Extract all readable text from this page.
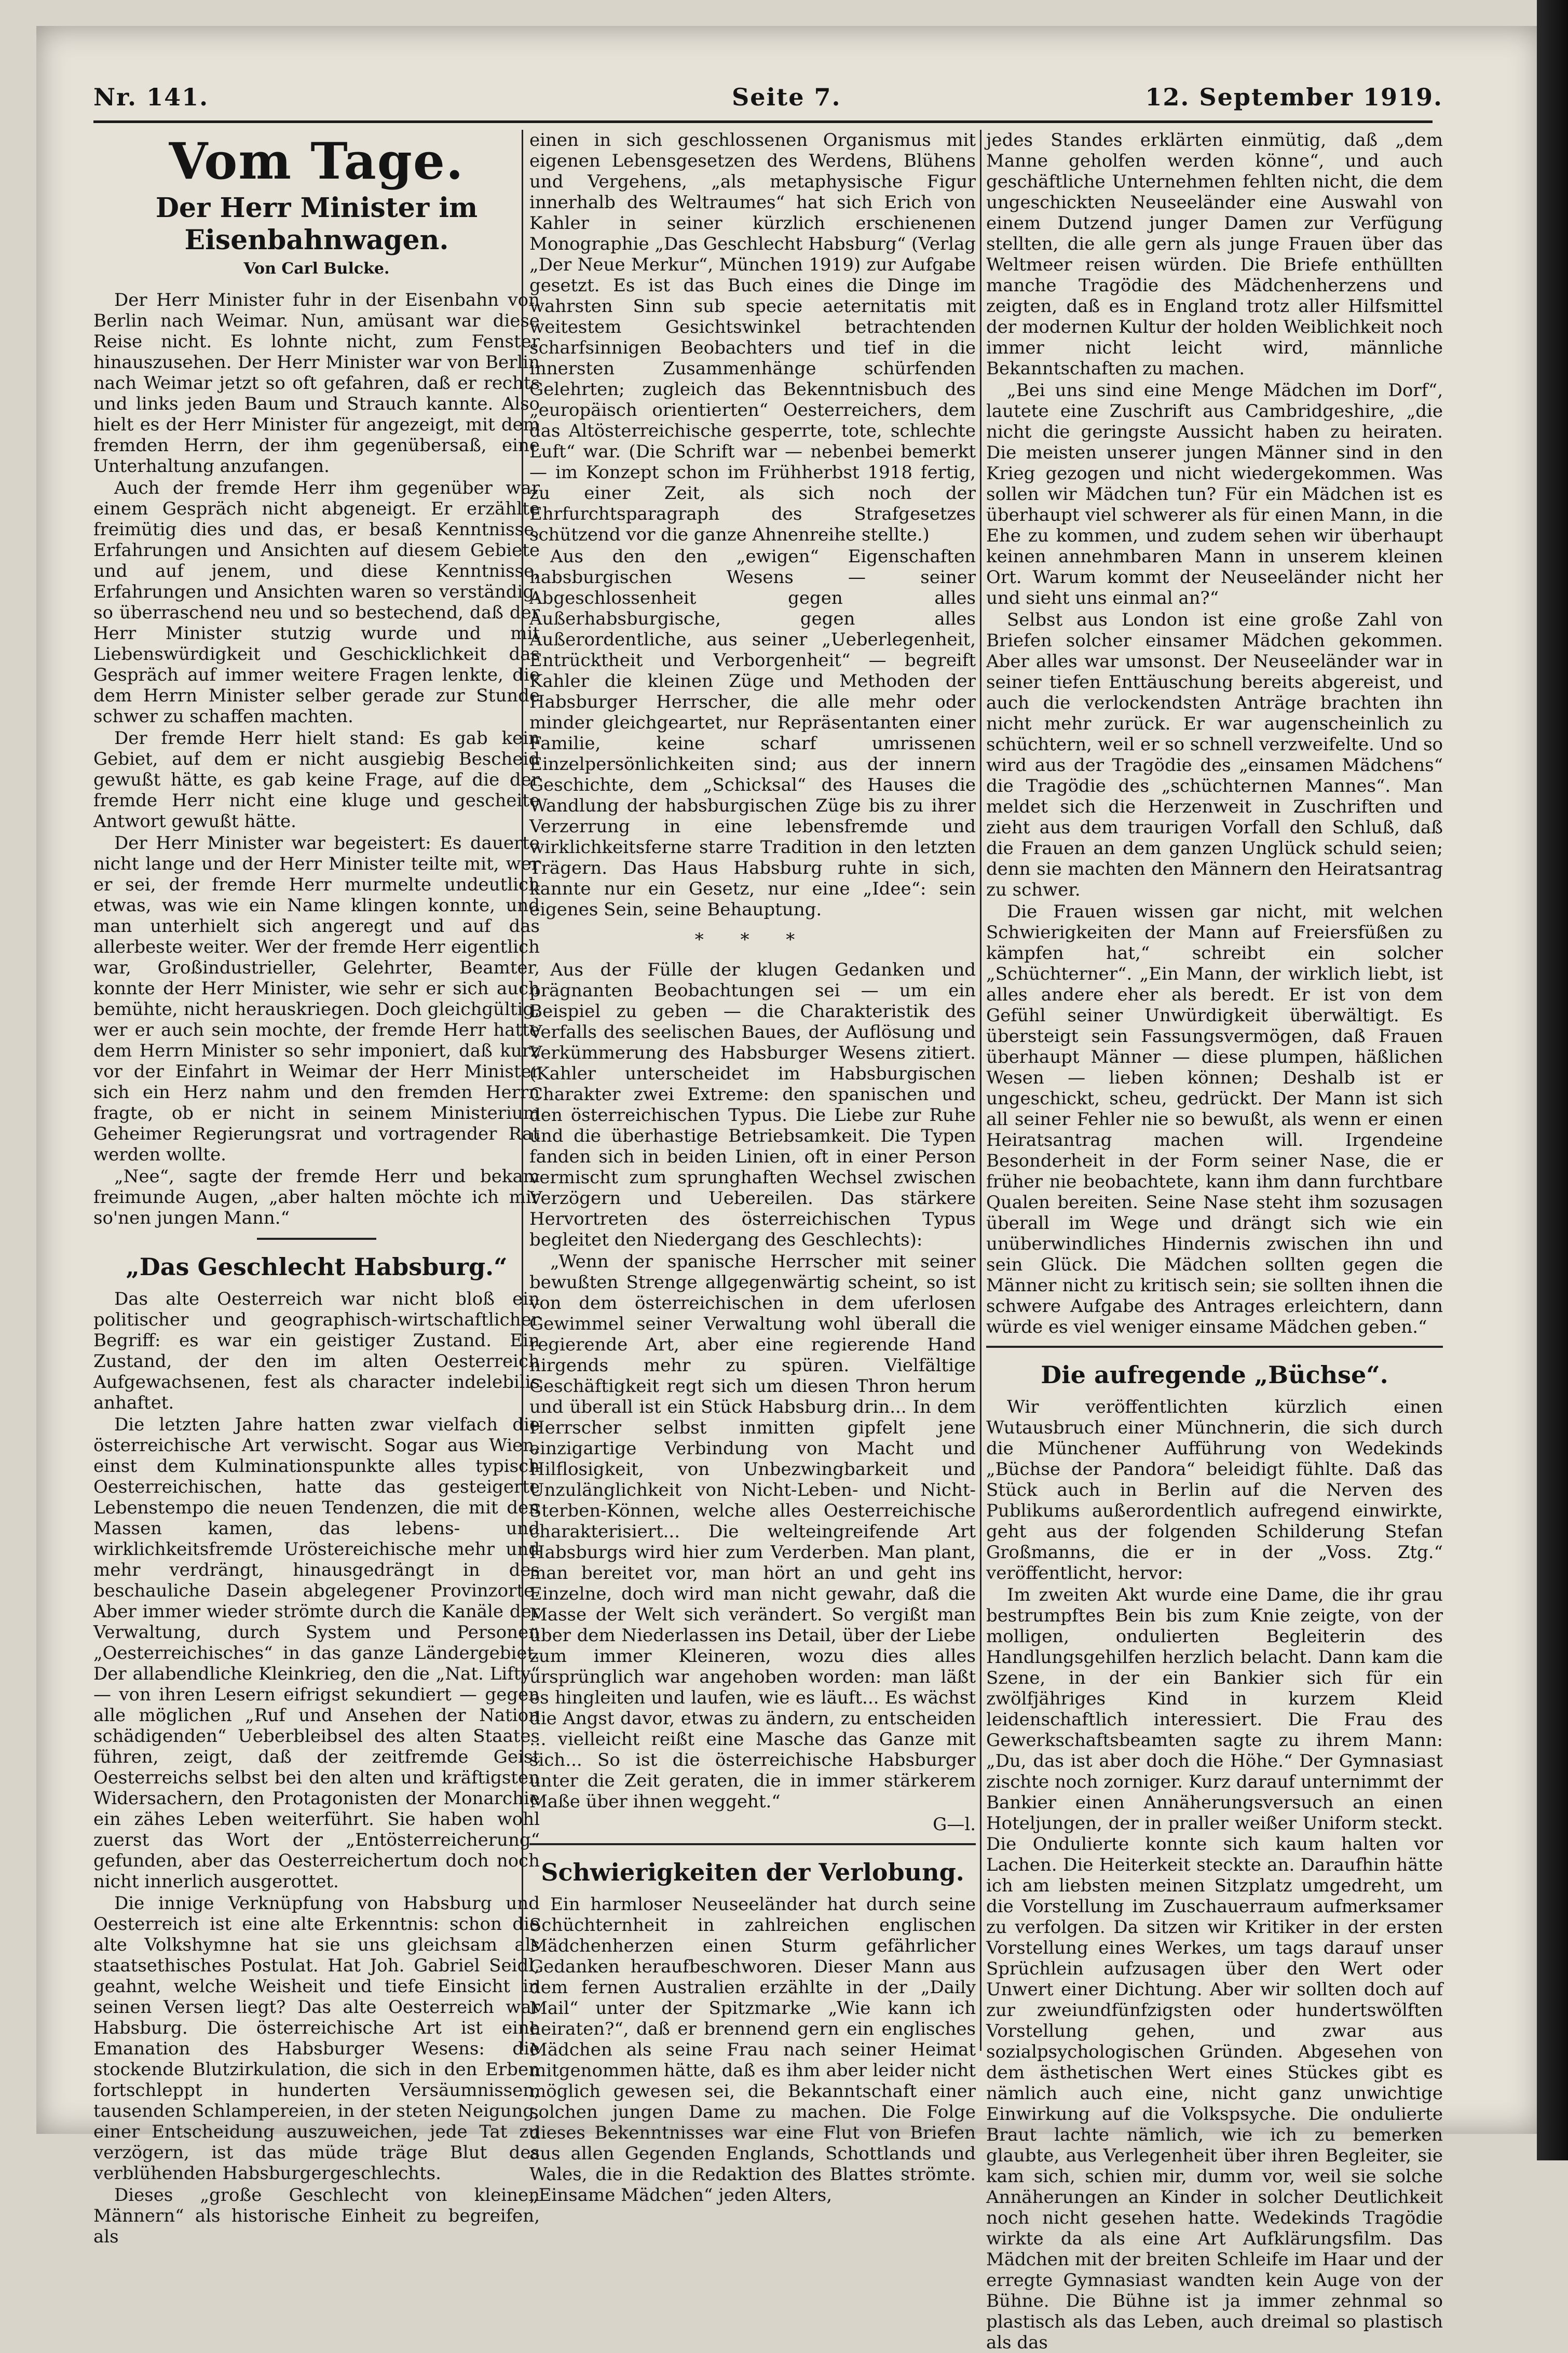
Nr. 141.	Seite 7.	12. September 1919.
Vom Tage.
Der Herr Minister im Eisenbahnwagen.
Von Carl Bulcke.

Der Herr Minister fuhr in der Eisenbahn von Berlin nach Weimar. Nun, amüsant war diese Reise nicht. Es lohnte nicht, zum Fenster hinauszusehen. Der Herr Minister war von Berlin nach Weimar jetzt so oft gefahren, daß er rechts und links jeden Baum und Strauch kannte. Also hielt es der Herr Minister für angezeigt, mit dem fremden Herrn, der ihm gegenübersaß, eine Unterhaltung anzufangen.

Auch der fremde Herr ihm gegenüber war einem Gespräch nicht abgeneigt. Er erzählte freimütig dies und das, er besaß Kenntnisse, Erfahrungen und Ansichten auf diesem Gebiete und auf jenem, und diese Kenntnisse, Erfahrungen und Ansichten waren so verständig, so überraschend neu und so bestechend, daß der Herr Minister stutzig wurde und mit Liebenswürdigkeit und Geschicklichkeit das Gespräch auf immer weitere Fragen lenkte, die dem Herrn Minister selber gerade zur Stunde schwer zu schaffen machten.

Der fremde Herr hielt stand: Es gab kein Gebiet, auf dem er nicht ausgiebig Bescheid gewußt hätte, es gab keine Frage, auf die der fremde Herr nicht eine kluge und gescheite Antwort gewußt hätte.

Der Herr Minister war begeistert: Es dauerte nicht lange und der Herr Minister teilte mit, wer er sei, der fremde Herr murmelte undeutlich etwas, was wie ein Name klingen konnte, und man unterhielt sich angeregt und auf das allerbeste weiter. Wer der fremde Herr eigentlich war, Großindustrieller, Gelehrter, Beamter, konnte der Herr Minister, wie sehr er sich auch bemühte, nicht herauskriegen. Doch gleichgültig, wer er auch sein mochte, der fremde Herr hatte dem Herrn Minister so sehr imponiert, daß kurz vor der Einfahrt in Weimar der Herr Minister sich ein Herz nahm und den fremden Herrn fragte, ob er nicht in seinem Ministerium Geheimer Regierungsrat und vortragender Rat werden wollte.

„Nee“, sagte der fremde Herr und bekam freimunde Augen, „aber halten möchte ich mir so'nen jungen Mann.“

„Das Geschlecht Habsburg.“

Das alte Oesterreich war nicht bloß ein politischer und geographisch-wirtschaftlicher Begriff: es war ein geistiger Zustand. Ein Zustand, der den im alten Oesterreich Aufgewachsenen, fest als character indelebilis anhaftet.

Die letzten Jahre hatten zwar vielfach die österreichische Art verwischt. Sogar aus Wien, einst dem Kulminationspunkte alles typisch Oesterreichischen, hatte das gesteigerte Lebenstempo die neuen Tendenzen, die mit den Massen kamen, das lebens- und wirklichkeitsfremde Uröstereichische mehr und mehr verdrängt, hinausgedrängt in des beschauliche Dasein abgelegener Provinzorte. Aber immer wieder strömte durch die Kanäle der Verwaltung, durch System und Personen „Oesterreichisches“ in das ganze Ländergebiet. Der allabendliche Kleinkrieg, den die „Nat. Lifty“ — von ihren Lesern eifrigst sekundiert — gegen alle möglichen „Ruf und Ansehen der Nation schädigenden“ Ueberbleibsel des alten Staates führen, zeigt, daß der zeitfremde Geist Oesterreichs selbst bei den alten und kräftigsten Widersachern, den Protagonisten der Monarchie ein zähes Leben weiterführt. Sie haben wohl zuerst das Wort der „Entösterreicherung“ gefunden, aber das Oesterreichertum doch noch nicht innerlich ausgerottet.

Die innige Verknüpfung von Habsburg und Oesterreich ist eine alte Erkenntnis: schon die alte Volkshymne hat sie uns gleichsam als staatsethisches Postulat. Hat Joh. Gabriel Seidl, geahnt, welche Weisheit und tiefe Einsicht in seinen Versen liegt? Das alte Oesterreich war Habsburg. Die österreichische Art ist eine Emanation des Habsburger Wesens: die stockende Blutzirkulation, die sich in den Erben fortschleppt in hunderten Versäumnissen, tausenden Schlampereien, in der steten Neigung, einer Entscheidung auszuweichen, jede Tat zu verzögern, ist das müde träge Blut des verblühenden Habsburgergeschlechts.

Dieses „große Geschlecht von kleinen Männern“ als historische Einheit zu begreifen, als

einen in sich geschlossenen Organismus mit eigenen Lebensgesetzen des Werdens, Blühens und Vergehens, „als metaphysische Figur innerhalb des Weltraumes“ hat sich Erich von Kahler in seiner kürzlich erschienenen Monographie „Das Geschlecht Habsburg“ (Verlag „Der Neue Merkur“, München 1919) zur Aufgabe gesetzt. Es ist das Buch eines die Dinge im wahrsten Sinn sub specie aeternitatis mit weitestem Gesichtswinkel betrachtenden scharfsinnigen Beobachters und tief in die innersten Zusammenhänge schürfenden Gelehrten; zugleich das Bekenntnisbuch des „europäisch orientierten“ Oesterreichers, dem das Altösterreichische gesperrte, tote, schlechte Luft“ war. (Die Schrift war — nebenbei bemerkt — im Konzept schon im Frühherbst 1918 fertig, zu einer Zeit, als sich noch der Ehrfurchtsparagraph des Strafgesetzes schützend vor die ganze Ahnenreihe stellte.)

Aus den den „ewigen“ Eigenschaften habsburgischen Wesens — seiner Abgeschlossenheit gegen alles Außerhabsburgische, gegen alles Außerordentliche, aus seiner „Ueberlegenheit, Entrücktheit und Verborgenheit“ — begreift Kahler die kleinen Züge und Methoden der Habsburger Herrscher, die alle mehr oder minder gleichgeartet, nur Repräsentanten einer Familie, keine scharf umrissenen Einzelpersönlichkeiten sind; aus der innern Geschichte, dem „Schicksal“ des Hauses die Wandlung der habsburgischen Züge bis zu ihrer Verzerrung in eine lebensfremde und wirklichkeitsferne starre Tradition in den letzten Trägern. Das Haus Habsburg ruhte in sich, kannte nur ein Gesetz, nur eine „Idee“: sein eigenes Sein, seine Behauptung.

* * *

Aus der Fülle der klugen Gedanken und prägnanten Beobachtungen sei — um ein Beispiel zu geben — die Charakteristik des Verfalls des seelischen Baues, der Auflösung und Verkümmerung des Habsburger Wesens zitiert. (Kahler unterscheidet im Habsburgischen Charakter zwei Extreme: den spanischen und den österreichischen Typus. Die Liebe zur Ruhe und die überhastige Betriebsamkeit. Die Typen fanden sich in beiden Linien, oft in einer Person vermischt zum sprunghaften Wechsel zwischen Verzögern und Uebereilen. Das stärkere Hervortreten des österreichischen Typus begleitet den Niedergang des Geschlechts):

„Wenn der spanische Herrscher mit seiner bewußten Strenge allgegenwärtig scheint, so ist von dem österreichischen in dem uferlosen Gewimmel seiner Verwaltung wohl überall die regierende Art, aber eine regierende Hand nirgends mehr zu spüren. Vielfältige Geschäftigkeit regt sich um diesen Thron herum und überall ist ein Stück Habsburg drin... In dem Herrscher selbst inmitten gipfelt jene einzigartige Verbindung von Macht und Hilflosigkeit, von Unbezwingbarkeit und Unzulänglichkeit von Nicht-Leben- und Nicht-Sterben-Können, welche alles Oesterreichische charakterisiert... Die welteingreifende Art Habsburgs wird hier zum Verderben. Man plant, man bereitet vor, man hört an und geht ins Einzelne, doch wird man nicht gewahr, daß die Masse der Welt sich verändert. So vergißt man über dem Niederlassen ins Detail, über der Liebe zum immer Kleineren, wozu dies alles ursprünglich war angehoben worden: man läßt es hingleiten und laufen, wie es läuft... Es wächst die Angst davor, etwas zu ändern, zu entscheiden ... vielleicht reißt eine Masche das Ganze mit sich... So ist die österreichische Habsburger unter die Zeit geraten, die in immer stärkerem Maße über ihnen weggeht.“

G—l.
Schwierigkeiten der Verlobung.

Ein harmloser Neuseeländer hat durch seine Schüchternheit in zahlreichen englischen Mädchenherzen einen Sturm gefährlicher Gedanken heraufbeschworen. Dieser Mann aus dem fernen Australien erzählte in der „Daily Mail“ unter der Spitzmarke „Wie kann ich heiraten?“, daß er brennend gern ein englisches Mädchen als seine Frau nach seiner Heimat mitgenommen hätte, daß es ihm aber leider nicht möglich gewesen sei, die Bekanntschaft einer solchen jungen Dame zu machen. Die Folge dieses Bekenntnisses war eine Flut von Briefen aus allen Gegenden Englands, Schottlands und Wales, die in die Redaktion des Blattes strömte. „Einsame Mädchen“ jeden Alters,

jedes Standes erklärten einmütig, daß „dem Manne geholfen werden könne“, und auch geschäftliche Unternehmen fehlten nicht, die dem ungeschickten Neuseeländer eine Auswahl von einem Dutzend junger Damen zur Verfügung stellten, die alle gern als junge Frauen über das Weltmeer reisen würden. Die Briefe enthüllten manche Tragödie des Mädchenherzens und zeigten, daß es in England trotz aller Hilfsmittel der modernen Kultur der holden Weiblichkeit noch immer nicht leicht wird, männliche Bekanntschaften zu machen.

„Bei uns sind eine Menge Mädchen im Dorf“, lautete eine Zuschrift aus Cambridgeshire, „die nicht die geringste Aussicht haben zu heiraten. Die meisten unserer jungen Männer sind in den Krieg gezogen und nicht wiedergekommen. Was sollen wir Mädchen tun? Für ein Mädchen ist es überhaupt viel schwerer als für einen Mann, in die Ehe zu kommen, und zudem sehen wir überhaupt keinen annehmbaren Mann in unserem kleinen Ort. Warum kommt der Neuseeländer nicht her und sieht uns einmal an?“

Selbst aus London ist eine große Zahl von Briefen solcher einsamer Mädchen gekommen. Aber alles war umsonst. Der Neuseeländer war in seiner tiefen Enttäuschung bereits abgereist, und auch die verlockendsten Anträge brachten ihn nicht mehr zurück. Er war augenscheinlich zu schüchtern, weil er so schnell verzweifelte. Und so wird aus der Tragödie des „einsamen Mädchens“ die Tragödie des „schüchternen Mannes“. Man meldet sich die Herzenweit in Zuschriften und zieht aus dem traurigen Vorfall den Schluß, daß die Frauen an dem ganzen Unglück schuld seien; denn sie machten den Männern den Heiratsantrag zu schwer.

Die Frauen wissen gar nicht, mit welchen Schwierigkeiten der Mann auf Freiersfüßen zu kämpfen hat,“ schreibt ein solcher „Schüchterner“. „Ein Mann, der wirklich liebt, ist alles andere eher als beredt. Er ist von dem Gefühl seiner Unwürdigkeit überwältigt. Es übersteigt sein Fassungsvermögen, daß Frauen überhaupt Männer — diese plumpen, häßlichen Wesen — lieben können; Deshalb ist er ungeschickt, scheu, gedrückt. Der Mann ist sich all seiner Fehler nie so bewußt, als wenn er einen Heiratsantrag machen will. Irgendeine Besonderheit in der Form seiner Nase, die er früher nie beobachtete, kann ihm dann furchtbare Qualen bereiten. Seine Nase steht ihm sozusagen überall im Wege und drängt sich wie ein unüberwindliches Hindernis zwischen ihn und sein Glück. Die Mädchen sollten gegen die Männer nicht zu kritisch sein; sie sollten ihnen die schwere Aufgabe des Antrages erleichtern, dann würde es viel weniger einsame Mädchen geben.“

Die aufregende „Büchse“.

Wir veröffentlichten kürzlich einen Wutausbruch einer Münchnerin, die sich durch die Münchener Aufführung von Wedekinds „Büchse der Pandora“ beleidigt fühlte. Daß das Stück auch in Berlin auf die Nerven des Publikums außerordentlich aufregend einwirkte, geht aus der folgenden Schilderung Stefan Großmanns, die er in der „Voss. Ztg.“ veröffentlicht, hervor:

Im zweiten Akt wurde eine Dame, die ihr grau bestrumpftes Bein bis zum Knie zeigte, von der molligen, ondulierten Begleiterin des Handlungsgehilfen herzlich belacht. Dann kam die Szene, in der ein Bankier sich für ein zwölfjähriges Kind in kurzem Kleid leidenschaftlich interessiert. Die Frau des Gewerkschaftsbeamten sagte zu ihrem Mann: „Du, das ist aber doch die Höhe.“ Der Gymnasiast zischte noch zorniger. Kurz darauf unternimmt der Bankier einen Annäherungsversuch an einen Hoteljungen, der in praller weißer Uniform steckt. Die Ondulierte konnte sich kaum halten vor Lachen. Die Heiterkeit steckte an. Daraufhin hätte ich am liebsten meinen Sitzplatz umgedreht, um die Vorstellung im Zuschauerraum aufmerksamer zu verfolgen. Da sitzen wir Kritiker in der ersten Vorstellung eines Werkes, um tags darauf unser Sprüchlein aufzusagen über den Wert oder Unwert einer Dichtung. Aber wir sollten doch auf zur zweiundfünfzigsten oder hundertswölften Vorstellung gehen, und zwar aus sozialpsychologischen Gründen. Abgesehen von dem ästhetischen Wert eines Stückes gibt es nämlich auch eine, nicht ganz unwichtige Einwirkung auf die Volkspsyche. Die ondulierte Braut lachte nämlich, wie ich zu bemerken glaubte, aus Verlegenheit über ihren Begleiter, sie kam sich, schien mir, dumm vor, weil sie solche Annäherungen an Kinder in solcher Deutlichkeit noch nicht gesehen hatte. Wedekinds Tragödie wirkte da als eine Art Aufklärungsfilm. Das Mädchen mit der breiten Schleife im Haar und der erregte Gymnasiast wandten kein Auge von der Bühne. Die Bühne ist ja immer zehnmal so plastisch als das Leben, auch dreimal so plastisch als das
